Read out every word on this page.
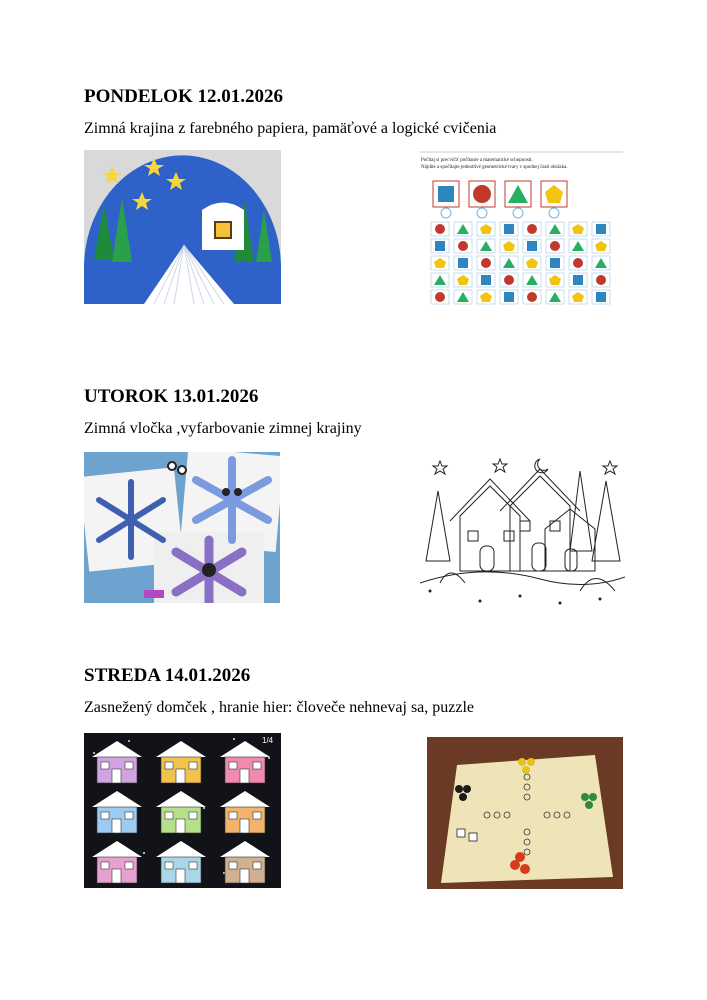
PONDELOK 12.01.2026

Zimná krajina z farebného papiera, pamäťové a logické cvičenia

Počítaj si precvičiť počítanie a matematické schopnosti.
Nájdite a spočítajte jednotlivé geometrické tvary v spodnej časti obrázka.
UTOROK 13.01.2026

Zimná vločka ,vyfarbovanie zimnej krajiny

STREDA 14.01.2026

Zasnežený domček , hranie hier: človeče nehnevaj sa, puzzle

1/4
